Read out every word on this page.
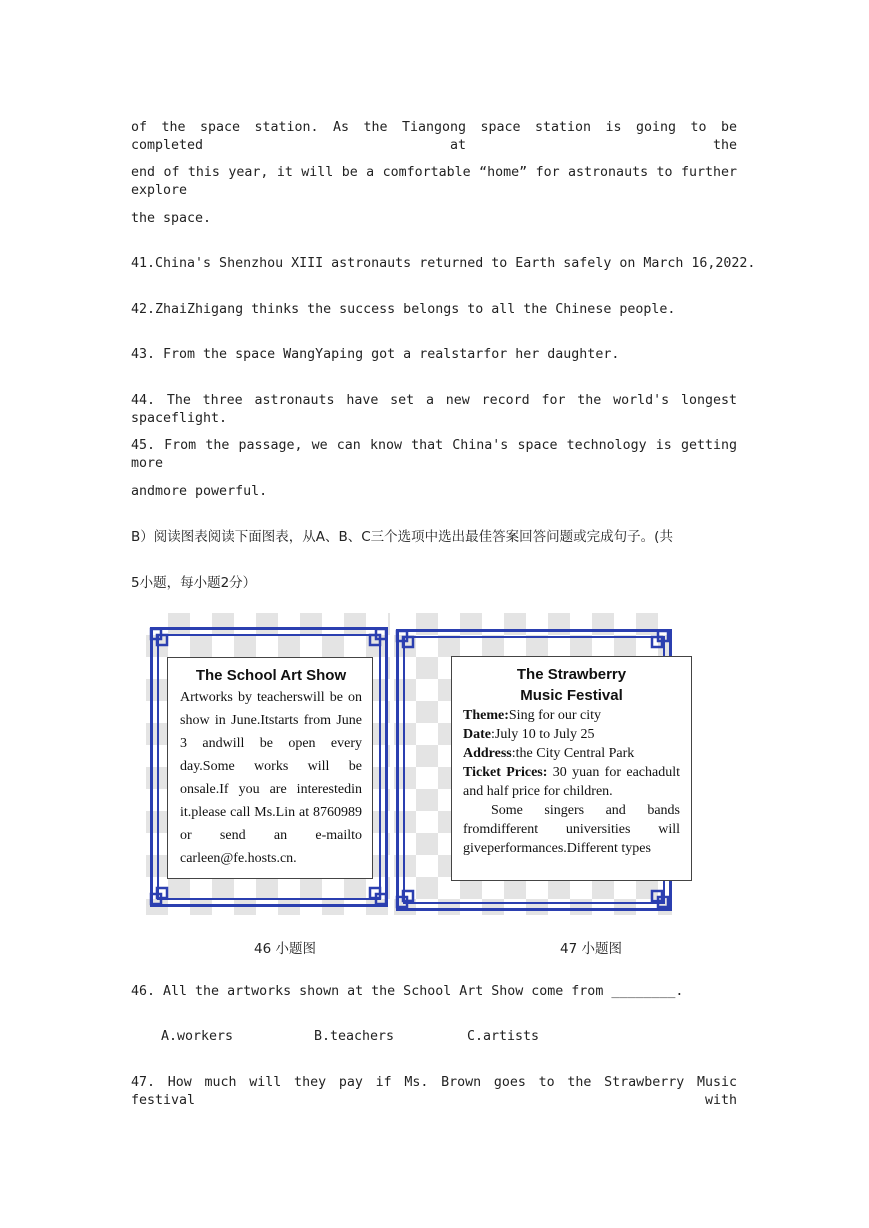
of the space station. As the Tiangong space station is going to be completed at the
end of this year, it will be a comfortable “home” for astronauts to further explore
the space.
41.China's Shenzhou XIII astronauts returned to Earth safely on March 16,2022.
42.ZhaiZhigang thinks the success belongs to all the Chinese people.
43. From the space WangYaping got a realstarfor her daughter.
44. The three astronauts have set a new record for the world's longest spaceflight.
45. From the passage, we can know that China's space technology is getting more
andmore powerful.
B）阅读图表阅读下面图表，从A、B、C三个选项中选出最佳答案回答问题或完成句子。(共
5小题，每小题2分）
The School Art Show
Artworks by teacherswill be on show in June.Itstarts from June 3 andwill be open every day.Some works will be onsale.If you are interestedin it.please call Ms.Lin at 8760989 or send an e-mailto carleen@fe.hosts.cn.
The Strawberry
Music Festival
Theme:Sing for our city
Date:July 10 to July 25
Address:the City Central Park
Ticket Prices: 30 yuan for eachadult and half price for children.
Some singers and bands fromdifferent universities will giveperformances.Different types
46 小题图	47 小题图
46. All the artworks shown at the School Art Show come from ________.
A.workers	B.teachers	C.artists
47. How much will they pay if Ms. Brown goes to the Strawberry Music festival with
